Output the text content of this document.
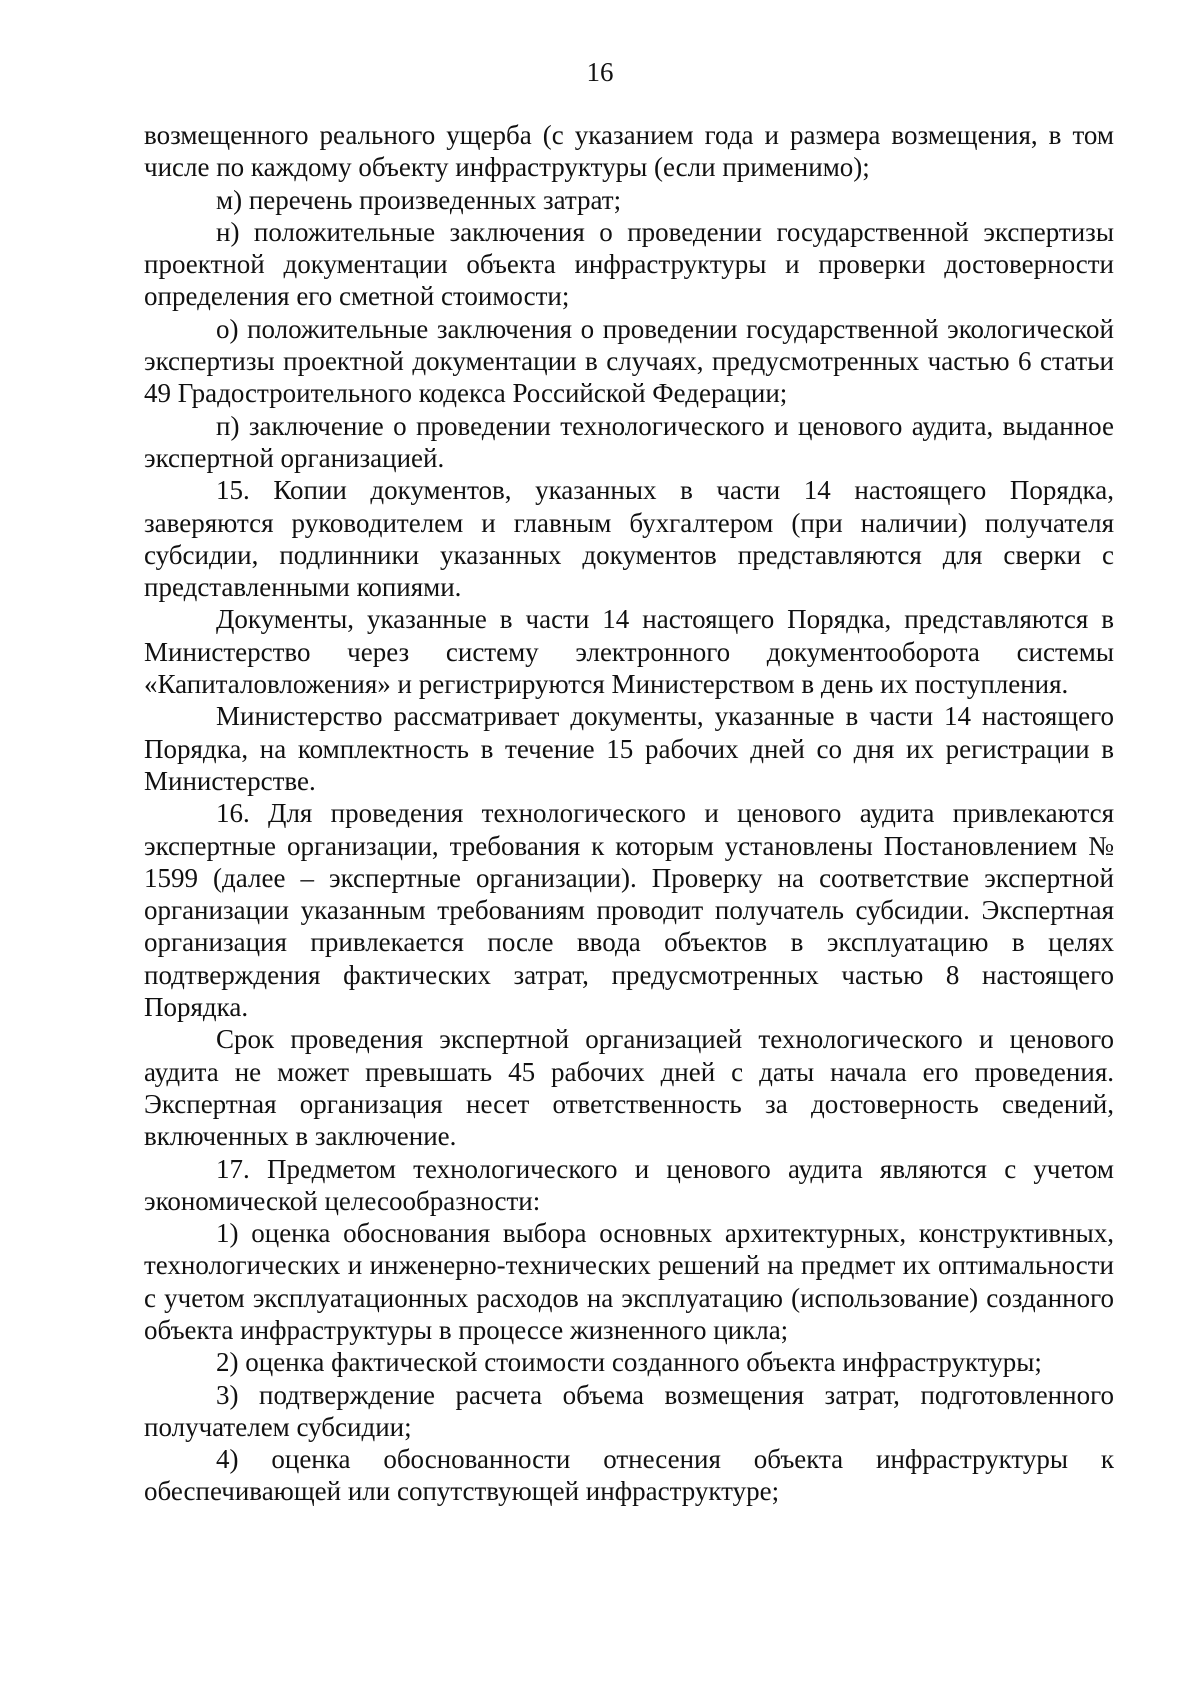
16

возмещенного реального ущерба (с указанием года и размера возмещения, в том числе по каждому объекту инфраструктуры (если применимо);

м) перечень произведенных затрат;

н) положительные заключения о проведении государственной экспертизы проектной документации объекта инфраструктуры и проверки достоверности определения его сметной стоимости;

о) положительные заключения о проведении государственной экологической экспертизы проектной документации в случаях, предусмотренных частью 6 статьи 49 Градостроительного кодекса Российской Федерации;

п) заключение о проведении технологического и ценового аудита, выданное экспертной организацией.

15. Копии документов, указанных в части 14 настоящего Порядка, заверяются руководителем и главным бухгалтером (при наличии) получателя субсидии, подлинники указанных документов представляются для сверки с представленными копиями.

Документы, указанные в части 14 настоящего Порядка, представляются в Министерство через систему электронного документооборота системы «Капиталовложения» и регистрируются Министерством в день их поступления.

Министерство рассматривает документы, указанные в части 14 настоящего Порядка, на комплектность в течение 15 рабочих дней со дня их регистрации в Министерстве.

16. Для проведения технологического и ценового аудита привлекаются экспертные организации, требования к которым установлены Постановлением № 1599 (далее – экспертные организации). Проверку на соответствие экспертной организации указанным требованиям проводит получатель субсидии. Экспертная организация привлекается после ввода объектов в эксплуатацию в целях подтверждения фактических затрат, предусмотренных частью 8 настоящего Порядка.

Срок проведения экспертной организацией технологического и ценового аудита не может превышать 45 рабочих дней с даты начала его проведения. Экспертная организация несет ответственность за достоверность сведений, включенных в заключение.

17. Предметом технологического и ценового аудита являются с учетом экономической целесообразности:

1) оценка обоснования выбора основных архитектурных, конструктивных, технологических и инженерно-технических решений на предмет их оптимальности с учетом эксплуатационных расходов на эксплуатацию (использование) созданного объекта инфраструктуры в процессе жизненного цикла;

2) оценка фактической стоимости созданного объекта инфраструктуры;

3) подтверждение расчета объема возмещения затрат, подготовленного получателем субсидии;

4) оценка обоснованности отнесения объекта инфраструктуры к обеспечивающей или сопутствующей инфраструктуре;
